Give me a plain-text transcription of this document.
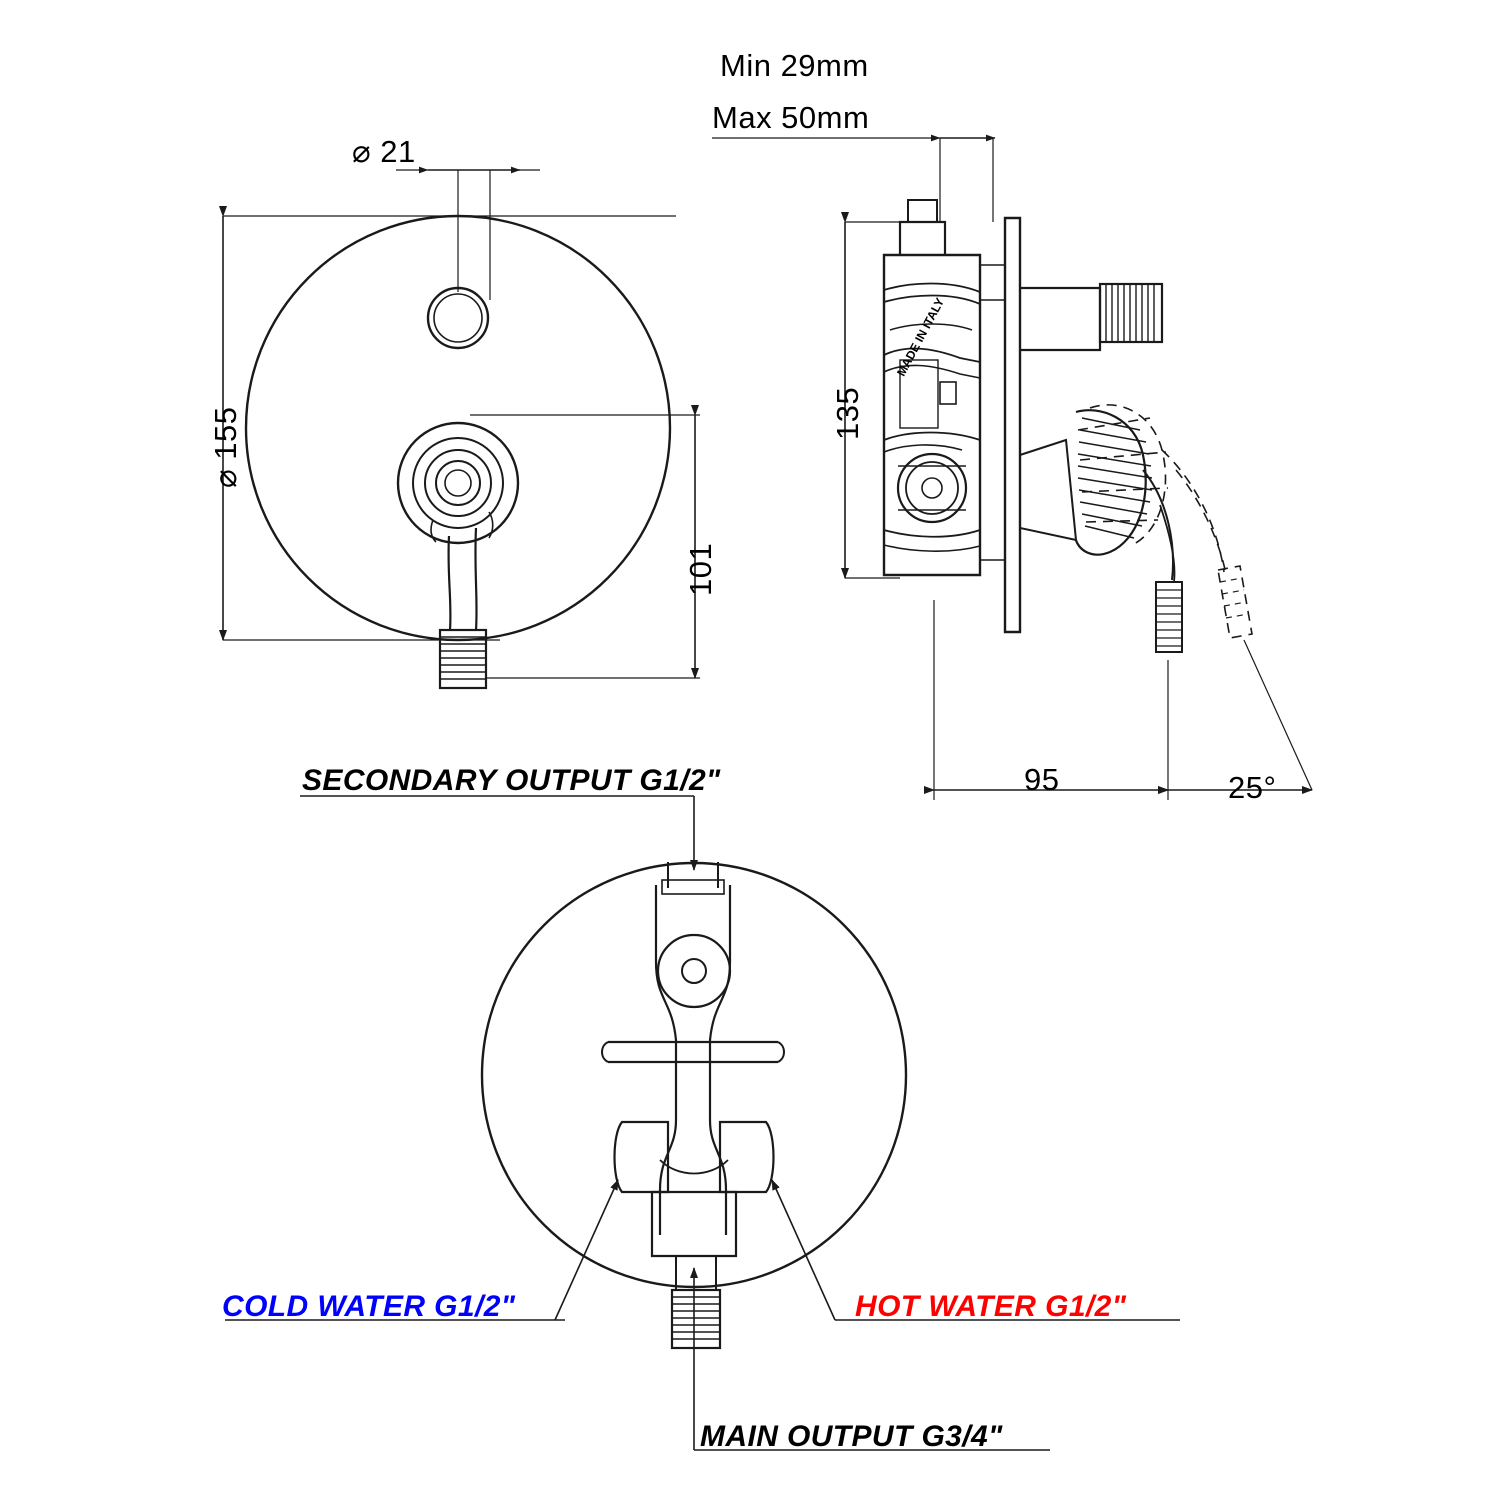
Min 29mm
Max 50mm
⌀ 21
⌀ 155
101
135
95	25°
MADE IN ITALY
SECONDARY OUTPUT G1/2"
COLD WATER G1/2"	HOT WATER G1/2"
MAIN OUTPUT G3/4"
